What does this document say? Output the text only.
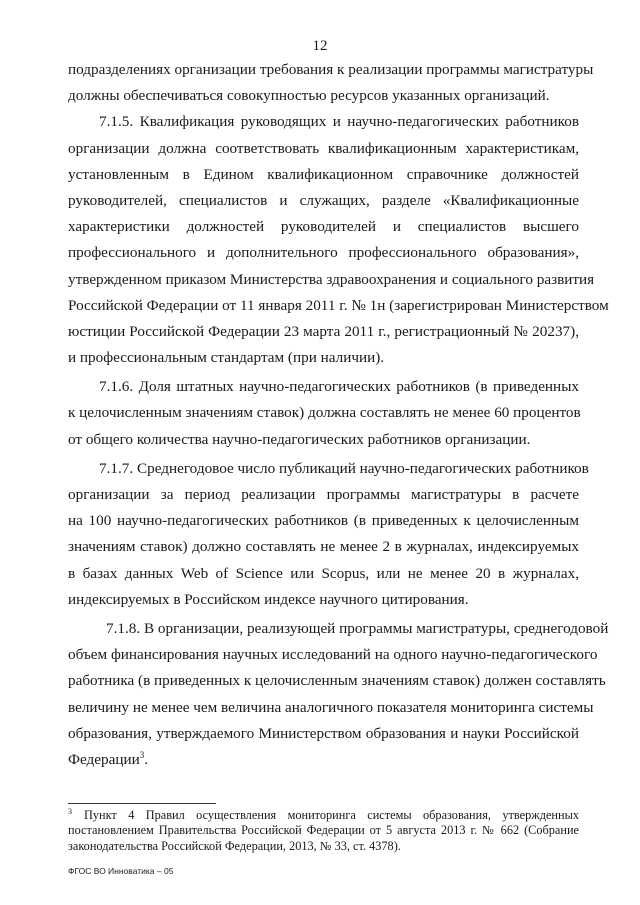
12
подразделениях организации требования к реализации программы магистратуры
должны обеспечиваться совокупностью ресурсов указанных организаций.
7.1.5. Квалификация руководящих и научно-педагогических работников
организации должна соответствовать квалификационным характеристикам,
установленным в Едином квалификационном справочнике должностей
руководителей, специалистов и служащих, разделе «Квалификационные
характеристики должностей руководителей и специалистов высшего
профессионального и дополнительного профессионального образования»,
утвержденном приказом Министерства здравоохранения и социального развития
Российской Федерации от 11 января 2011 г. № 1н (зарегистрирован Министерством
юстиции Российской Федерации 23 марта 2011 г., регистрационный № 20237),
и профессиональным стандартам (при наличии).
7.1.6. Доля штатных научно-педагогических работников (в приведенных
к целочисленным значениям ставок) должна составлять не менее 60 процентов
от общего количества научно-педагогических работников организации.
7.1.7. Среднегодовое число публикаций научно-педагогических работников
организации за период реализации программы магистратуры в расчете
на 100 научно-педагогических работников (в приведенных к целочисленным
значениям ставок) должно составлять не менее 2 в журналах, индексируемых
в базах данных Web of Science или Scopus, или не менее 20 в журналах,
индексируемых в Российском индексе научного цитирования.
7.1.8. В организации, реализующей программы магистратуры, среднегодовой
объем финансирования научных исследований на одного научно-педагогического
работника (в приведенных к целочисленным значениям ставок) должен составлять
величину не менее чем величина аналогичного показателя мониторинга системы
образования, утверждаемого Министерством образования и науки Российской
Федерации$^3$.
$^3$ Пункт 4 Правил осуществления мониторинга системы образования, утвержденных
постановлением Правительства Российской Федерации от 5 августа 2013 г. № 662 (Собрание
законодательства Российской Федерации, 2013, № 33, ст. 4378).
ФГОС ВО Инноватика – 05
